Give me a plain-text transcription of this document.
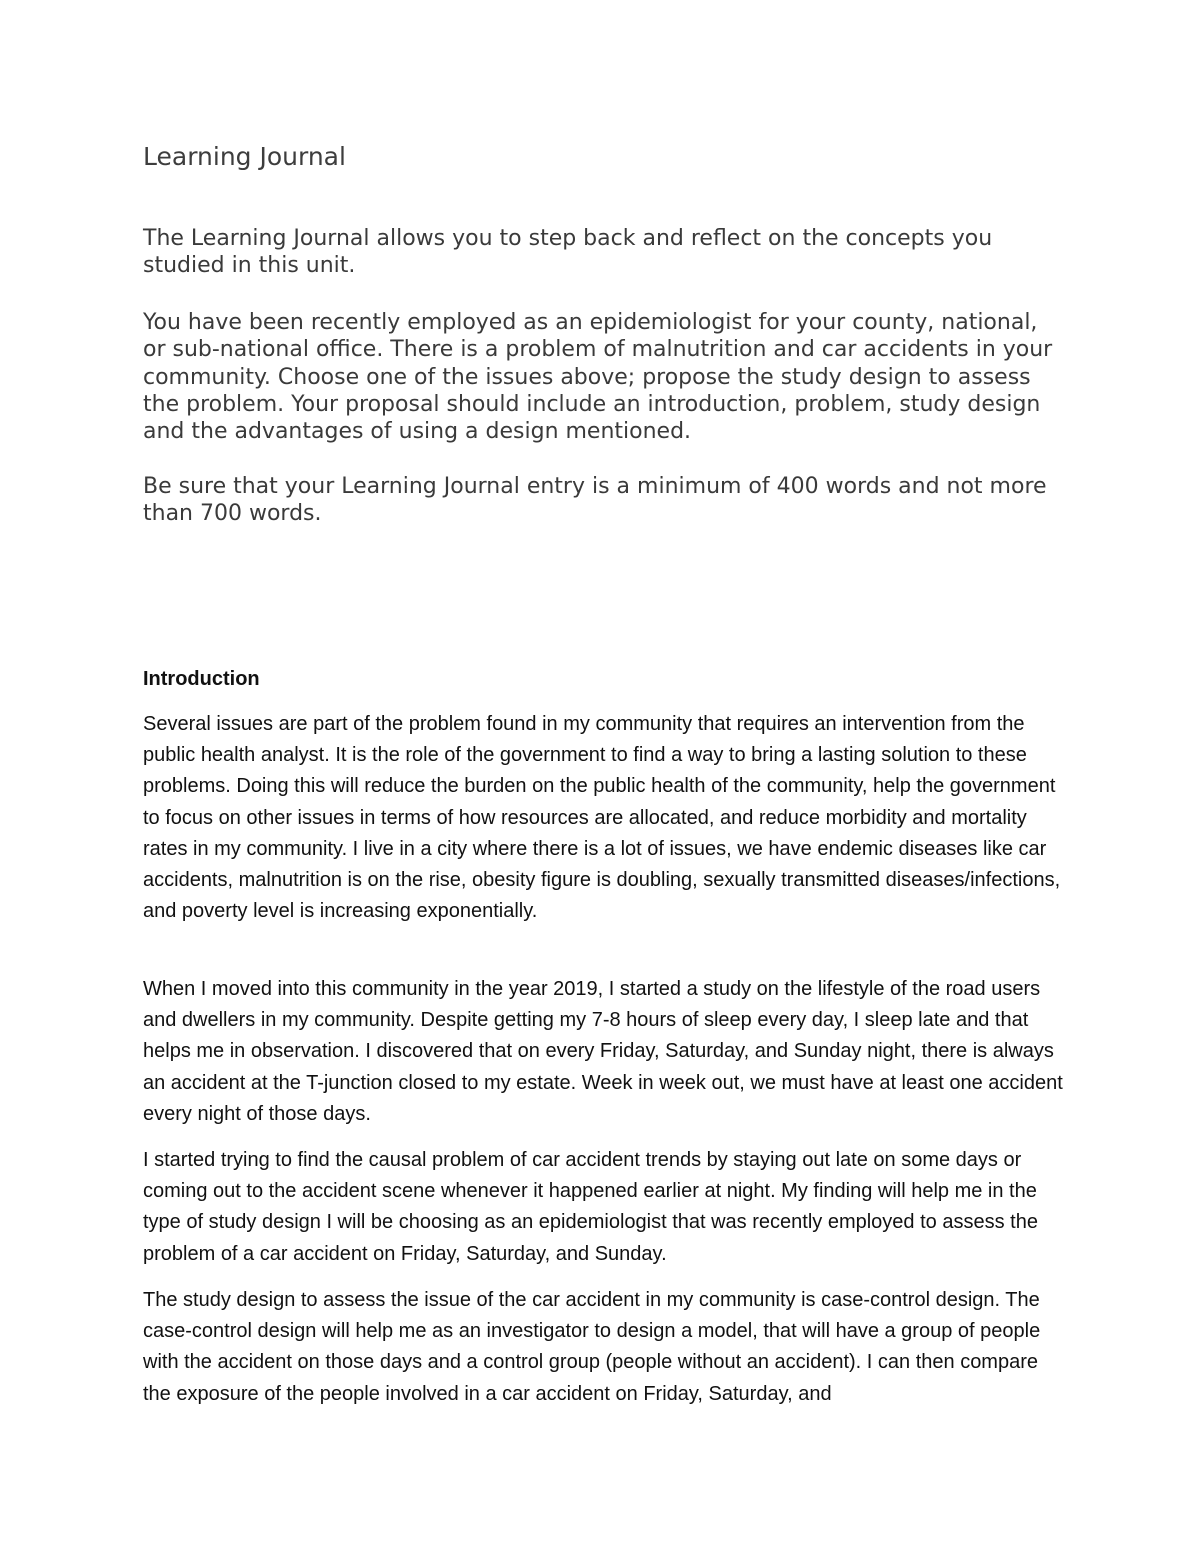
Learning Journal

The Learning Journal allows you to step back and reflect on the concepts you studied in this unit.

You have been recently employed as an epidemiologist for your county, national, or sub-national office. There is a problem of malnutrition and car accidents in your community. Choose one of the issues above; propose the study design to assess the problem. Your proposal should include an introduction, problem, study design and the advantages of using a design mentioned.

Be sure that your Learning Journal entry is a minimum of 400 words and not more than 700 words.

Introduction

Several issues are part of the problem found in my community that requires an intervention from the public health analyst. It is the role of the government to find a way to bring a lasting solution to these problems. Doing this will reduce the burden on the public health of the community, help the government to focus on other issues in terms of how resources are allocated, and reduce morbidity and mortality rates in my community. I live in a city where there is a lot of issues, we have endemic diseases like car accidents, malnutrition is on the rise, obesity figure is doubling, sexually transmitted diseases/infections, and poverty level is increasing exponentially.

When I moved into this community in the year 2019, I started a study on the lifestyle of the road users and dwellers in my community. Despite getting my 7-8 hours of sleep every day, I sleep late and that helps me in observation. I discovered that on every Friday, Saturday, and Sunday night, there is always an accident at the T-junction closed to my estate. Week in week out, we must have at least one accident every night of those days.

I started trying to find the causal problem of car accident trends by staying out late on some days or coming out to the accident scene whenever it happened earlier at night. My finding will help me in the type of study design I will be choosing as an epidemiologist that was recently employed to assess the problem of a car accident on Friday, Saturday, and Sunday.

The study design to assess the issue of the car accident in my community is case-control design. The case-control design will help me as an investigator to design a model, that will have a group of people with the accident on those days and a control group (people without an accident). I can then compare the exposure of the people involved in a car accident on Friday, Saturday, and
